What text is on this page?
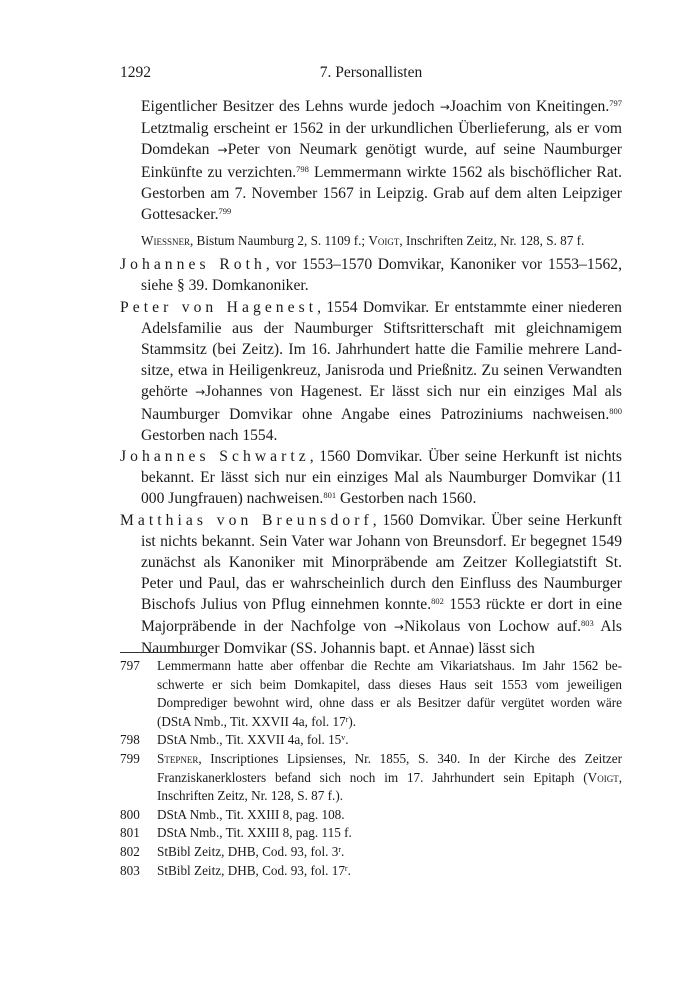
1292	7. Personallisten

Eigentlicher Besitzer des Lehns wurde jedoch →Joachim von Kneitingen.$^{797}$ Letztmalig erscheint er 1562 in der urkundlichen Überlieferung, als er vom Domdekan →Peter von Neumark genötigt wurde, auf seine Naumburger Einkünfte zu verzichten.$^{798}$ Lemmermann wirkte 1562 als bischöflicher Rat. Gestorben am 7. November 1567 in Leipzig. Grab auf dem alten Leipziger Gottesacker.$^{799}$

Wiessner, Bistum Naumburg 2, S. 1109 f.; Voigt, Inschriften Zeitz, Nr. 128, S. 87 f.

Johannes Roth, vor 1553–1570 Domvikar, Kanoniker vor 1553–1562, siehe § 39. Domkanoniker.

Peter von Hagenest, 1554 Domvikar. Er entstammte einer niederen Adelsfamilie aus der Naumburger Stiftsritterschaft mit gleichnamigem Stammsitz (bei Zeitz). Im 16. Jahrhundert hatte die Familie mehrere Landsitze, etwa in Heiligenkreuz, Janisroda und Prießnitz. Zu seinen Verwandten gehörte →Johannes von Hagenest. Er lässt sich nur ein einziges Mal als Naumburger Domvikar ohne Angabe eines Patroziniums nachweisen.$^{800}$ Gestorben nach 1554.

Johannes Schwartz, 1560 Domvikar. Über seine Herkunft ist nichts bekannt. Er lässt sich nur ein einziges Mal als Naumburger Domvikar (11 000 Jungfrauen) nachweisen.$^{801}$ Gestorben nach 1560.

Matthias von Breunsdorf, 1560 Domvikar. Über seine Herkunft ist nichts bekannt. Sein Vater war Johann von Breunsdorf. Er begegnet 1549 zunächst als Kanoniker mit Minorpräbende am Zeitzer Kollegiatstift St. Peter und Paul, das er wahrscheinlich durch den Einfluss des Naumburger Bischofs Julius von Pflug einnehmen konnte.$^{802}$ 1553 rückte er dort in eine Majorpräbende in der Nachfolge von →Nikolaus von Lochow auf.$^{803}$ Als Naumburger Domvikar (SS. Johannis bapt. et Annae) lässt sich

797 Lemmermann hatte aber offenbar die Rechte am Vikariatshaus. Im Jahr 1562 beschwerte er sich beim Domkapitel, dass dieses Haus seit 1553 vom jeweiligen Domprediger bewohnt wird, ohne dass er als Besitzer dafür vergütet worden wäre (DStA Nmb., Tit. XXVII 4a, fol. 17$^r$).
798 DStA Nmb., Tit. XXVII 4a, fol. 15$^v$.
799 Stepner, Inscriptiones Lipsienses, Nr. 1855, S. 340. In der Kirche des Zeitzer Franziskanerklosters befand sich noch im 17. Jahrhundert sein Epitaph (Voigt, Inschriften Zeitz, Nr. 128, S. 87 f.).
800 DStA Nmb., Tit. XXIII 8, pag. 108.
801 DStA Nmb., Tit. XXIII 8, pag. 115 f.
802 StBibl Zeitz, DHB, Cod. 93, fol. 3$^r$.
803 StBibl Zeitz, DHB, Cod. 93, fol. 17$^r$.
